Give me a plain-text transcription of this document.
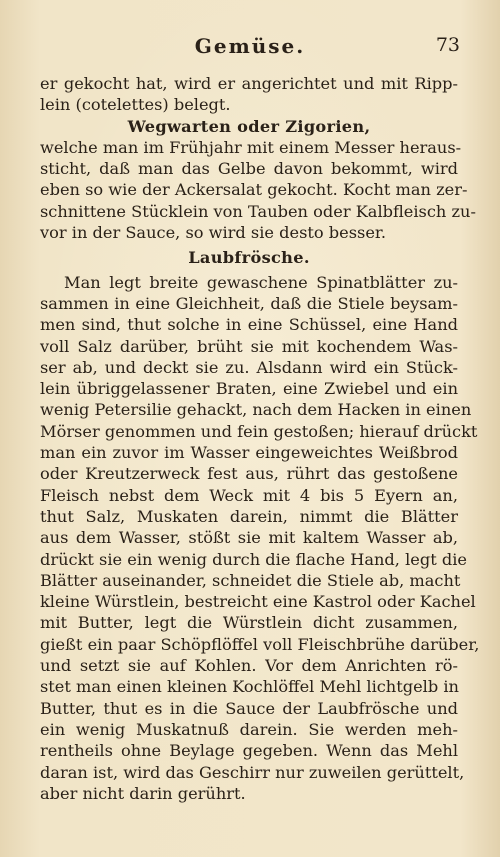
Gemüse.	73
er gekocht hat, wird er angerichtet und mit Ripp-
lein (cotelettes) belegt.
Wegwarten oder Zigorien,
welche man im Frühjahr mit einem Messer heraus-
sticht, daß man das Gelbe davon bekommt, wird
eben so wie der Ackersalat gekocht. Kocht man zer-
schnittene Stücklein von Tauben oder Kalbfleisch zu-
vor in der Sauce, so wird sie desto besser.
Laubfrösche.
Man legt breite gewaschene Spinatblätter zu-
sammen in eine Gleichheit, daß die Stiele beysam-
men sind, thut solche in eine Schüssel, eine Hand
voll Salz darüber, brüht sie mit kochendem Was-
ser ab, und deckt sie zu. Alsdann wird ein Stück-
lein übriggelassener Braten, eine Zwiebel und ein
wenig Petersilie gehackt, nach dem Hacken in einen
Mörser genommen und fein gestoßen; hierauf drückt
man ein zuvor im Wasser eingeweichtes Weißbrod
oder Kreutzerweck fest aus, rührt das gestoßene
Fleisch nebst dem Weck mit 4 bis 5 Eyern an,
thut Salz, Muskaten darein, nimmt die Blätter
aus dem Wasser, stößt sie mit kaltem Wasser ab,
drückt sie ein wenig durch die flache Hand, legt die
Blätter auseinander, schneidet die Stiele ab, macht
kleine Würstlein, bestreicht eine Kastrol oder Kachel
mit Butter, legt die Würstlein dicht zusammen,
gießt ein paar Schöpflöffel voll Fleischbrühe darüber,
und setzt sie auf Kohlen. Vor dem Anrichten rö-
stet man einen kleinen Kochlöffel Mehl lichtgelb in
Butter, thut es in die Sauce der Laubfrösche und
ein wenig Muskatnuß darein. Sie werden meh-
rentheils ohne Beylage gegeben. Wenn das Mehl
daran ist, wird das Geschirr nur zuweilen gerüttelt,
aber nicht darin gerührt.
